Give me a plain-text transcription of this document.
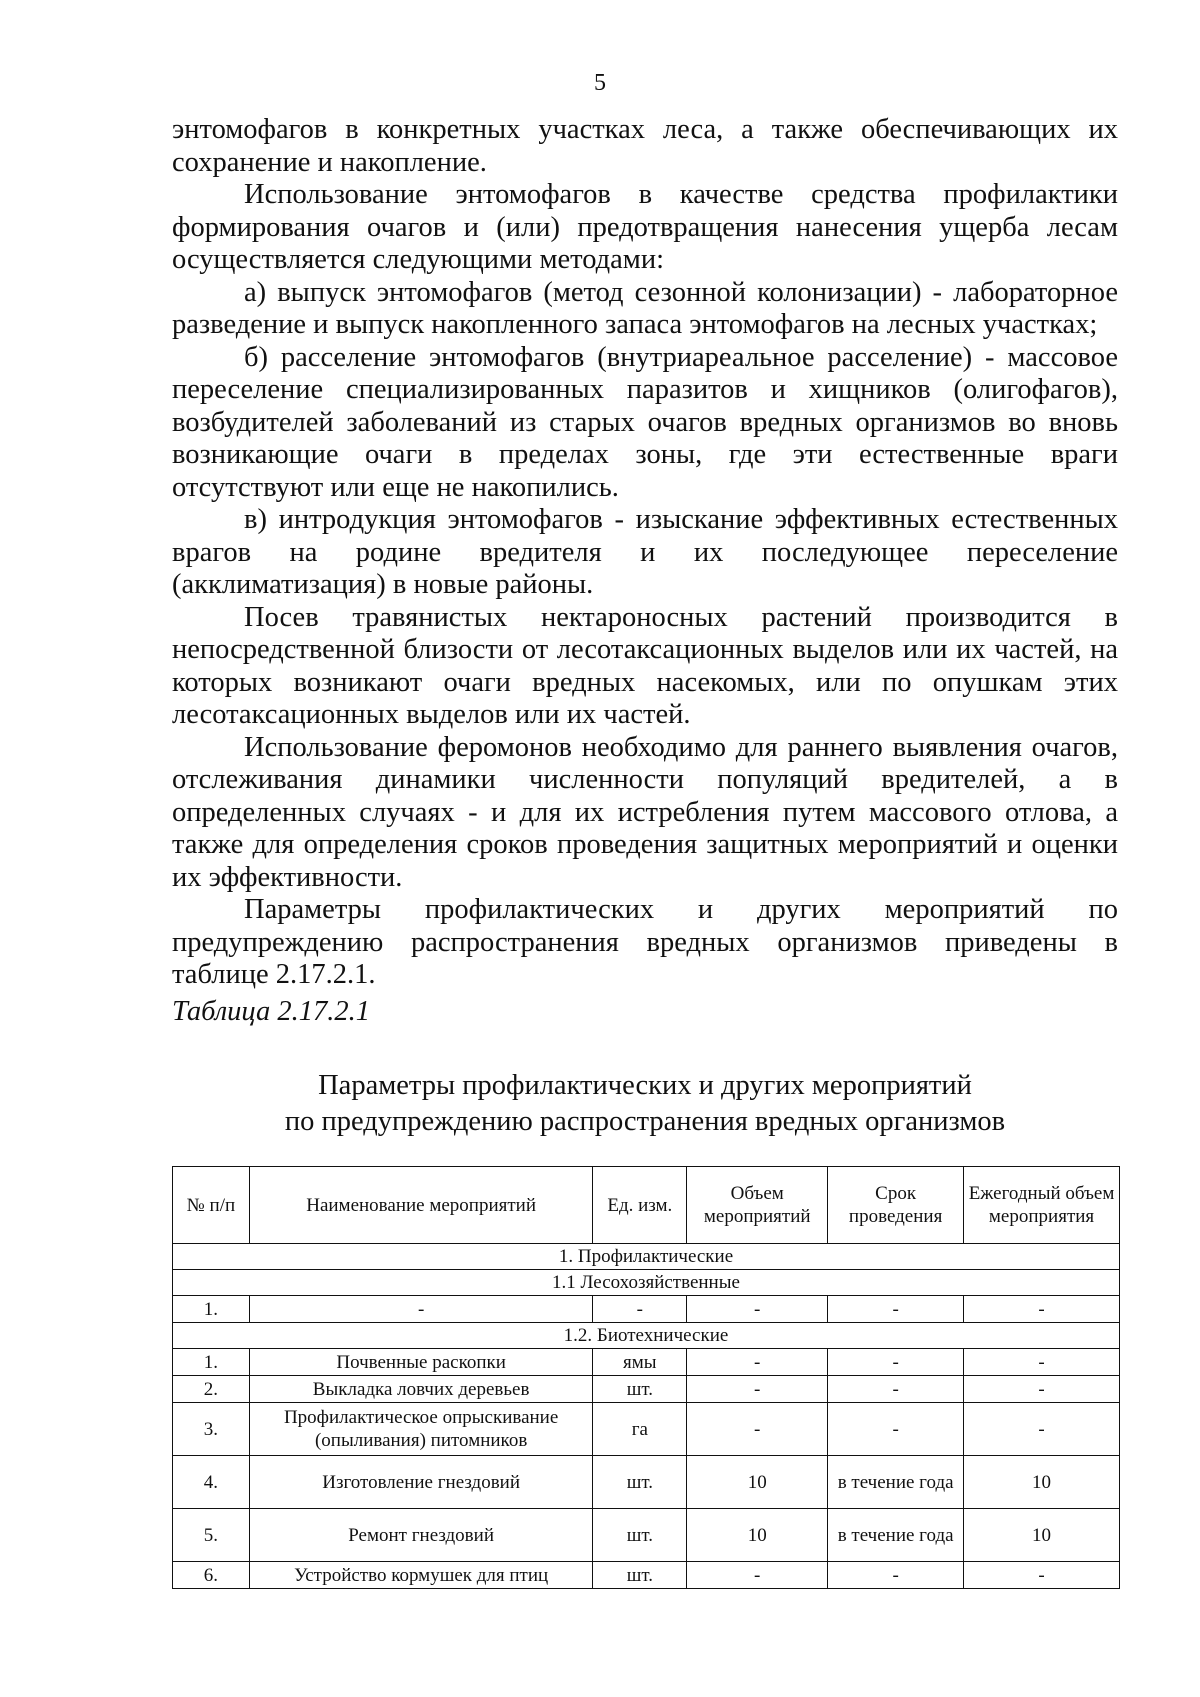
5

энтомофагов в конкретных участках леса, а также обеспечивающих их сохранение и накопление.

Использование энтомофагов в качестве средства профилактики формирования очагов и (или) предотвращения нанесения ущерба лесам осуществляется следующими методами:

а) выпуск энтомофагов (метод сезонной колонизации) - лабораторное разведение и выпуск накопленного запаса энтомофагов на лесных участках;

б) расселение энтомофагов (внутриареальное расселение) - массовое переселение специализированных паразитов и хищников (олигофагов), возбудителей заболеваний из старых очагов вредных организмов во вновь возникающие очаги в пределах зоны, где эти естественные враги отсутствуют или еще не накопились.

в) интродукция энтомофагов - изыскание эффективных естественных врагов на родине вредителя и их последующее переселение (акклиматизация) в новые районы.

Посев травянистых нектароносных растений производится в непосредственной близости от лесотаксационных выделов или их частей, на которых возникают очаги вредных насекомых, или по опушкам этих лесотаксационных выделов или их частей.

Использование феромонов необходимо для раннего выявления очагов, отслеживания динамики численности популяций вредителей, а в определенных случаях - и для их истребления путем массового отлова, а также для определения сроков проведения защитных мероприятий и оценки их эффективности.

Параметры профилактических и других мероприятий по предупреждению распространения вредных организмов приведены в таблице 2.17.2.1.

Таблица 2.17.2.1

Параметры профилактических и других мероприятий
по предупреждению распространения вредных организмов

№ п/п	Наименование мероприятий	Ед. изм.	Объем мероприятий	Срок проведения	Ежегодный объем мероприятия
1. Профилактические					
1.1 Лесохозяйственные					
1.	-	-	-	-	-
1.2. Биотехнические					
1.	Почвенные раскопки	ямы	-	-	-
2.	Выкладка ловчих деревьев	шт.	-	-	-
3.	Профилактическое опрыскивание (опыливания) питомников	га	-	-	-
4.	Изготовление гнездовий	шт.	10	в течение года	10
5.	Ремонт гнездовий	шт.	10	в течение года	10
6.	Устройство кормушек для птиц	шт.	-	-	-
